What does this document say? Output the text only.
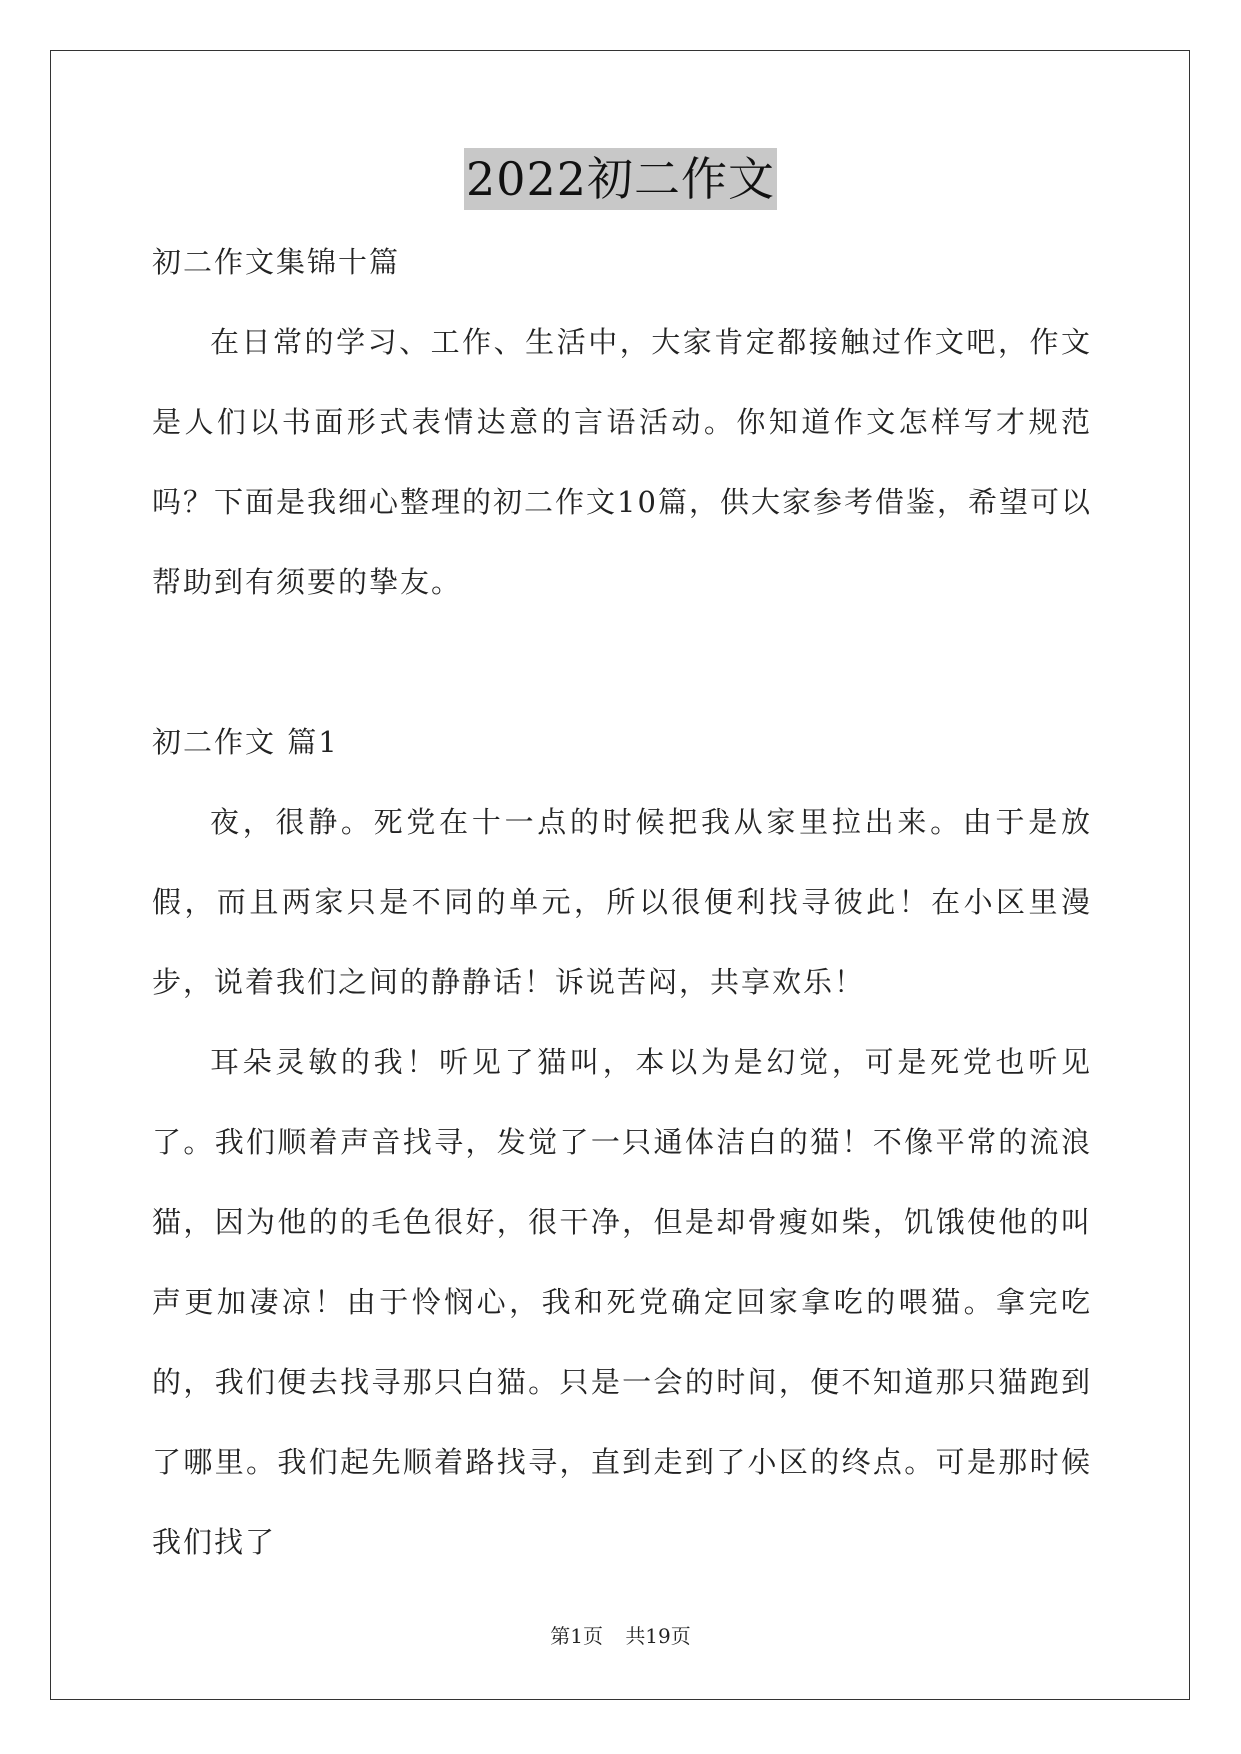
2022初二作文
初二作文集锦十篇
在日常的学习、工作、生活中，大家肯定都接触过作文吧，作文是人们以书面形式表情达意的言语活动。你知道作文怎样写才规范吗？下面是我细心整理的初二作文10篇，供大家参考借鉴，希望可以帮助到有须要的挚友。
初二作文 篇1
夜，很静。死党在十一点的时候把我从家里拉出来。由于是放假，而且两家只是不同的单元，所以很便利找寻彼此！在小区里漫步，说着我们之间的静静话！诉说苦闷，共享欢乐！
耳朵灵敏的我！听见了猫叫，本以为是幻觉，可是死党也听见了。我们顺着声音找寻，发觉了一只通体洁白的猫！不像平常的流浪猫，因为他的的毛色很好，很干净，但是却骨瘦如柴，饥饿使他的叫声更加凄凉！由于怜悯心，我和死党确定回家拿吃的喂猫。拿完吃的，我们便去找寻那只白猫。只是一会的时间，便不知道那只猫跑到了哪里。我们起先顺着路找寻，直到走到了小区的终点。可是那时候我们找了
第1页 共19页
